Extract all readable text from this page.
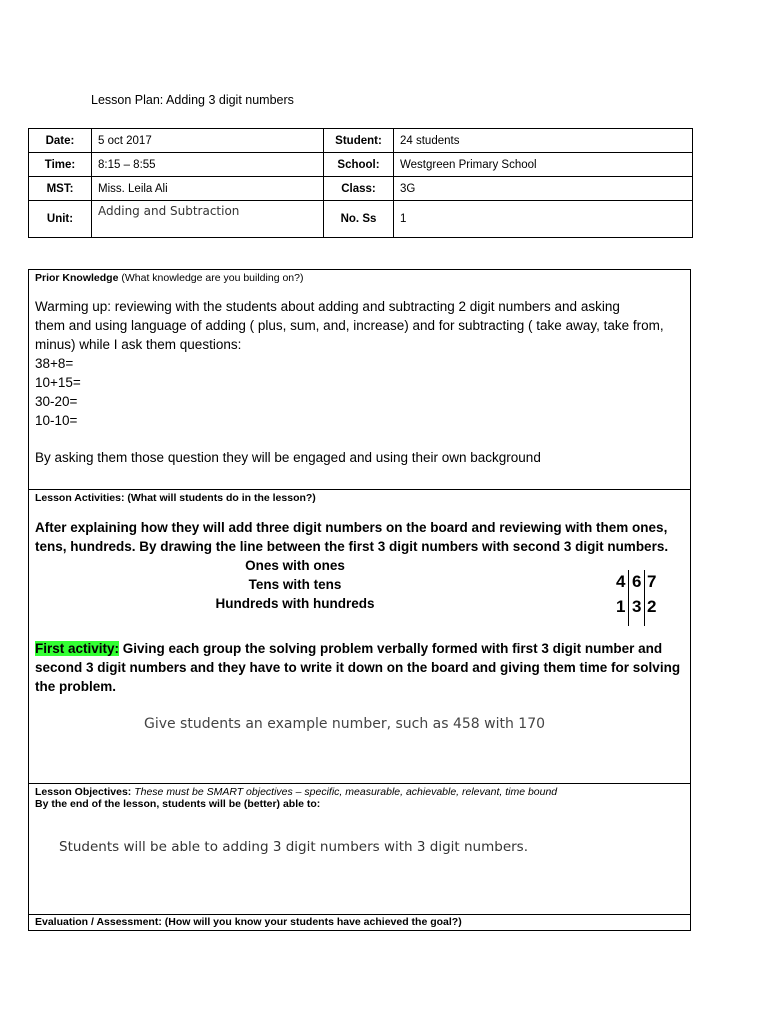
Lesson Plan: Adding 3 digit numbers
Date:	5 oct 2017	Student:	24 students
Time:	8:15 – 8:55	School:	Westgreen Primary School
MST:	Miss. Leila Ali	Class:	3G
Unit:	Adding and Subtraction	No. Ss	1
Prior Knowledge (What knowledge are you building on?)
Warming up: reviewing with the students about adding and subtracting 2 digit numbers and asking
them and using language of adding ( plus, sum, and, increase) and for subtracting ( take away, take from,
minus) while I ask them questions:
38+8=
10+15=
30-20=
10-10=
By asking them those question they will be engaged and using their own background
Lesson Activities: (What will students do in the lesson?)
After explaining how they will add three digit numbers on the board and reviewing with them ones,
tens, hundreds. By drawing the line between the first 3 digit numbers with second 3 digit numbers.
Ones with ones
Tens with tens
Hundreds with hundreds
4 6 7
1 3 2
First activity: Giving each group the solving problem verbally formed with first 3 digit number and
second 3 digit numbers and they have to write it down on the board and giving them time for solving
the problem.
Give students an example number, such as 458 with 170
Lesson Objectives: These must be SMART objectives – specific, measurable, achievable, relevant, time bound
By the end of the lesson, students will be (better) able to:
Students will be able to adding 3 digit numbers with 3 digit numbers.
Evaluation / Assessment: (How will you know your students have achieved the goal?)
